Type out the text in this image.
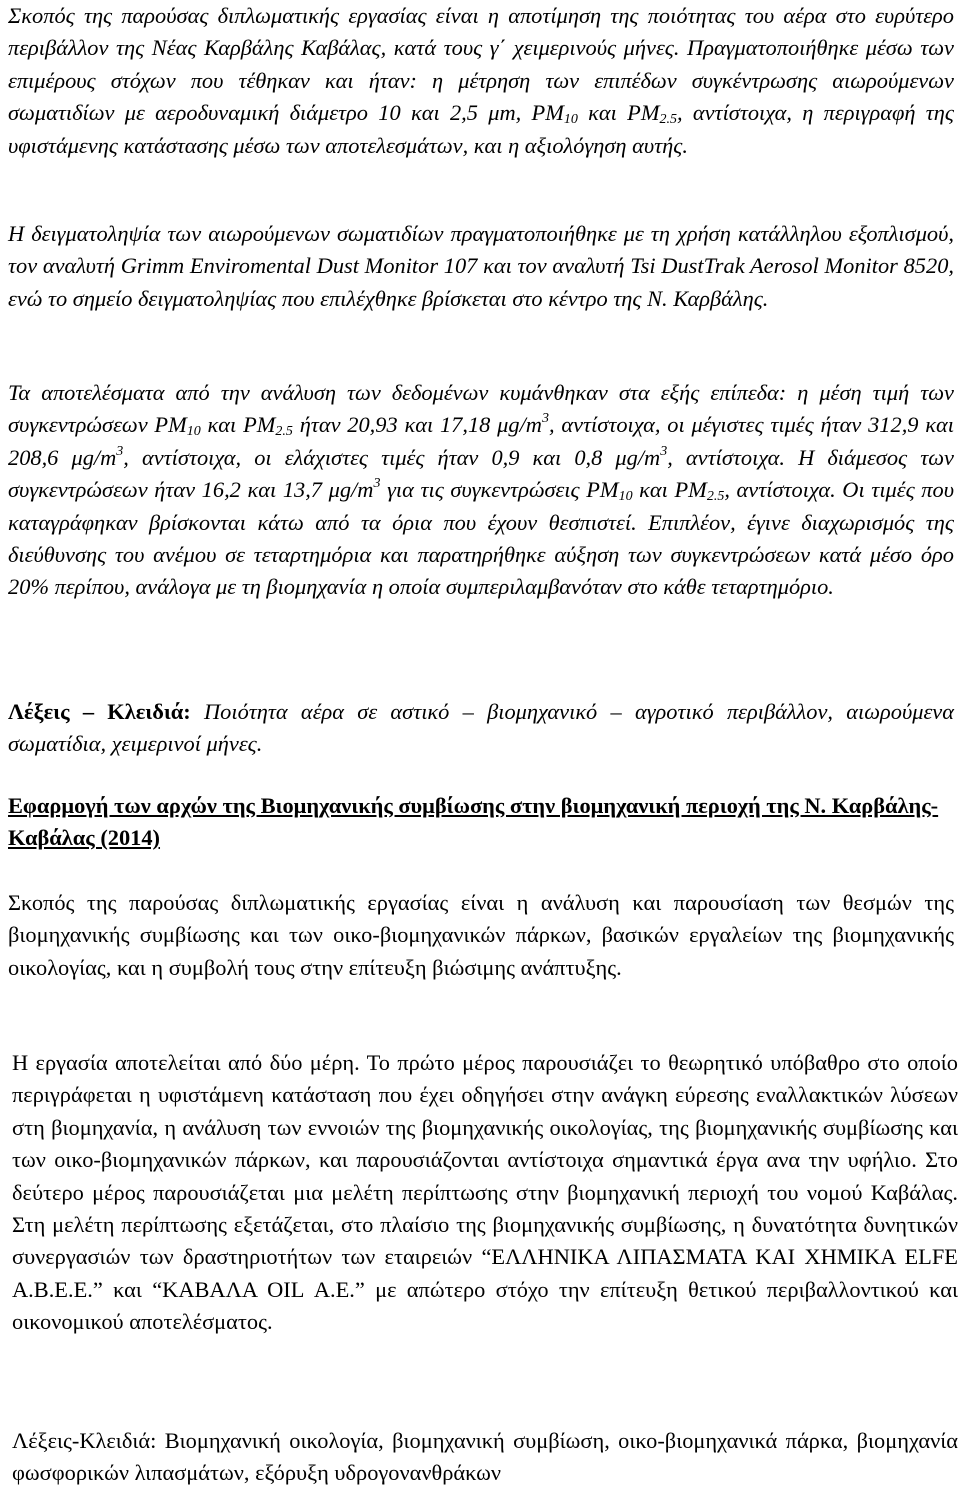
Σκοπός της παρούσας διπλωματικής εργασίας είναι η αποτίμηση της ποιότητας του αέρα στο ευρύτερο περιβάλλον της Νέας Καρβάλης Καβάλας, κατά τους γ΄ χειμερινούς μήνες. Πραγματοποιήθηκε μέσω των επιμέρους στόχων που τέθηκαν και ήταν: η μέτρηση των επιπέδων συγκέντρωσης αιωρούμενων σωματιδίων με αεροδυναμική διάμετρο 10 και 2,5 μm, $PM_{10}$ και $PM_{2.5}$, αντίστοιχα, η περιγραφή της υφιστάμενης κατάστασης μέσω των αποτελεσμάτων, και η αξιολόγηση αυτής.

Η δειγματοληψία των αιωρούμενων σωματιδίων πραγματοποιήθηκε με τη χρήση κατάλληλου εξοπλισμού, τον αναλυτή Grimm Enviromental Dust Monitor 107 και τον αναλυτή Tsi DustTrak Aerosol Monitor 8520, ενώ το σημείο δειγματοληψίας που επιλέχθηκε βρίσκεται στο κέντρο της Ν. Καρβάλης.

Τα αποτελέσματα από την ανάλυση των δεδομένων κυμάνθηκαν στα εξής επίπεδα: η μέση τιμή των συγκεντρώσεων $PM_{10}$ και $PM_{2.5}$ ήταν 20,93 και 17,18 $\mu g/m^3$, αντίστοιχα, οι μέγιστες τιμές ήταν 312,9 και 208,6 $\mu g/m^3$, αντίστοιχα, οι ελάχιστες τιμές ήταν 0,9 και 0,8 $\mu g/m^3$, αντίστοιχα. Η διάμεσος των συγκεντρώσεων ήταν 16,2 και 13,7 $\mu g/m^3$ για τις συγκεντρώσεις $PM_{10}$ και $PM_{2.5}$, αντίστοιχα. Οι τιμές που καταγράφηκαν βρίσκονται κάτω από τα όρια που έχουν θεσπιστεί. Επιπλέον, έγινε διαχωρισμός της διεύθυνσης του ανέμου σε τεταρτημόρια και παρατηρήθηκε αύξηση των συγκεντρώσεων κατά μέσο όρο 20% περίπου, ανάλογα με τη βιομηχανία η οποία συμπεριλαμβανόταν στο κάθε τεταρτημόριο.

Λέξεις – Κλειδιά: Ποιότητα αέρα σε αστικό – βιομηχανικό – αγροτικό περιβάλλον, αιωρούμενα σωματίδια, χειμερινοί μήνες.

Εφαρμογή των αρχών της Βιομηχανικής συμβίωσης στην βιομηχανική περιοχή της Ν. Καρβάλης-Καβάλας (2014)

Σκοπός της παρούσας διπλωματικής εργασίας είναι η ανάλυση και παρουσίαση των θεσμών της βιομηχανικής συμβίωσης και των οικο-βιομηχανικών πάρκων, βασικών εργαλείων της βιομηχανικής οικολογίας, και η συμβολή τους στην επίτευξη βιώσιμης ανάπτυξης.

Η εργασία αποτελείται από δύο μέρη. Το πρώτο μέρος παρουσιάζει το θεωρητικό υπόβαθρο στο οποίο περιγράφεται η υφιστάμενη κατάσταση που έχει οδηγήσει στην ανάγκη εύρεσης εναλλακτικών λύσεων στη βιομηχανία, η ανάλυση των εννοιών της βιομηχανικής οικολογίας, της βιομηχανικής συμβίωσης και των οικο-βιομηχανικών πάρκων, και παρουσιάζονται αντίστοιχα σημαντικά έργα ανα την υφήλιο. Στο δεύτερο μέρος παρουσιάζεται μια μελέτη περίπτωσης στην βιομηχανική περιοχή του νομού Καβάλας. Στη μελέτη περίπτωσης εξετάζεται, στο πλαίσιο της βιομηχανικής συμβίωσης, η δυνατότητα δυνητικών συνεργασιών των δραστηριοτήτων των εταιρειών “ΕΛΛΗΝΙΚΑ ΛΙΠΑΣΜΑΤΑ ΚΑΙ ΧΗΜΙΚΑ ELFE Α.Β.Ε.Ε.” και “ΚΑΒΑΛΑ OIL Α.Ε.” με απώτερο στόχο την επίτευξη θετικού περιβαλλοντικού και οικονομικού αποτελέσματος.

Λέξεις-Κλειδιά: Βιομηχανική οικολογία, βιομηχανική συμβίωση, οικο-βιομηχανικά πάρκα, βιομηχανία φωσφορικών λιπασμάτων, εξόρυξη υδρογονανθράκων
